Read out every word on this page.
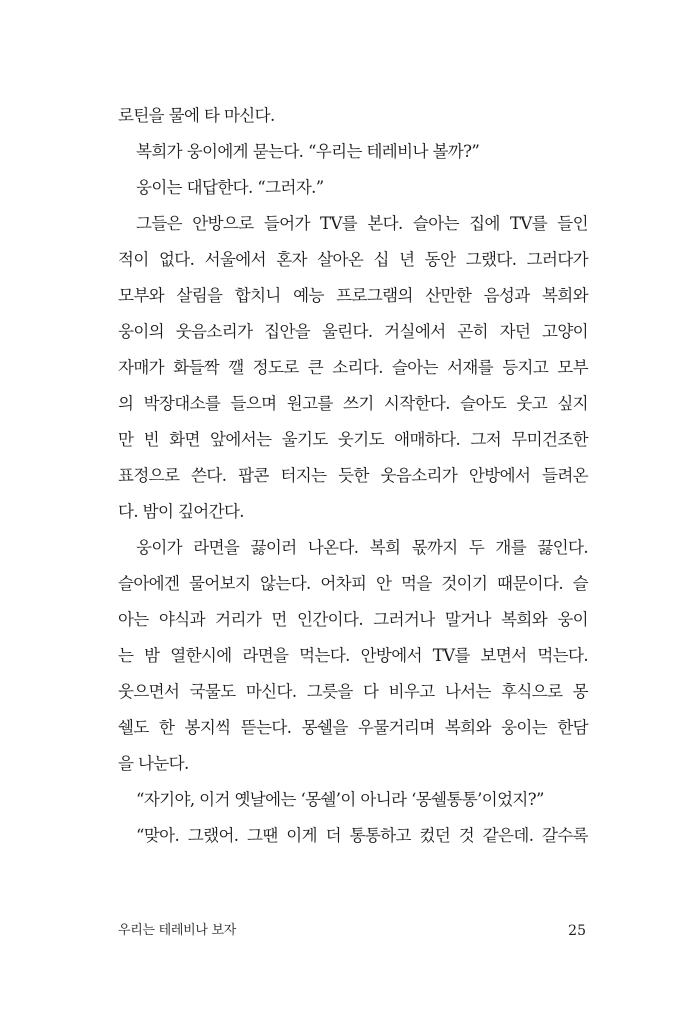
로틴을 물에 타 마신다.
복희가 웅이에게 묻는다. “우리는 테레비나 볼까?”
웅이는 대답한다. “그러자.”
그들은 안방으로 들어가 TV를 본다. 슬아는 집에 TV를 들인
적이 없다. 서울에서 혼자 살아온 십 년 동안 그랬다. 그러다가
모부와 살림을 합치니 예능 프로그램의 산만한 음성과 복희와
웅이의 웃음소리가 집안을 울린다. 거실에서 곤히 자던 고양이
자매가 화들짝 깰 정도로 큰 소리다. 슬아는 서재를 등지고 모부
의 박장대소를 들으며 원고를 쓰기 시작한다. 슬아도 웃고 싶지
만 빈 화면 앞에서는 울기도 웃기도 애매하다. 그저 무미건조한
표정으로 쓴다. 팝콘 터지는 듯한 웃음소리가 안방에서 들려온
다. 밤이 깊어간다.
웅이가 라면을 끓이러 나온다. 복희 몫까지 두 개를 끓인다.
슬아에겐 물어보지 않는다. 어차피 안 먹을 것이기 때문이다. 슬
아는 야식과 거리가 먼 인간이다. 그러거나 말거나 복희와 웅이
는 밤 열한시에 라면을 먹는다. 안방에서 TV를 보면서 먹는다.
웃으면서 국물도 마신다. 그릇을 다 비우고 나서는 후식으로 몽
쉘도 한 봉지씩 뜯는다. 몽쉘을 우물거리며 복희와 웅이는 한담
을 나눈다.
“자기야, 이거 옛날에는 ‘몽쉘’이 아니라 ‘몽쉘통통’이었지?”
“맞아. 그랬어. 그땐 이게 더 통통하고 컸던 것 같은데. 갈수록
우리는 테레비나 보자	25
